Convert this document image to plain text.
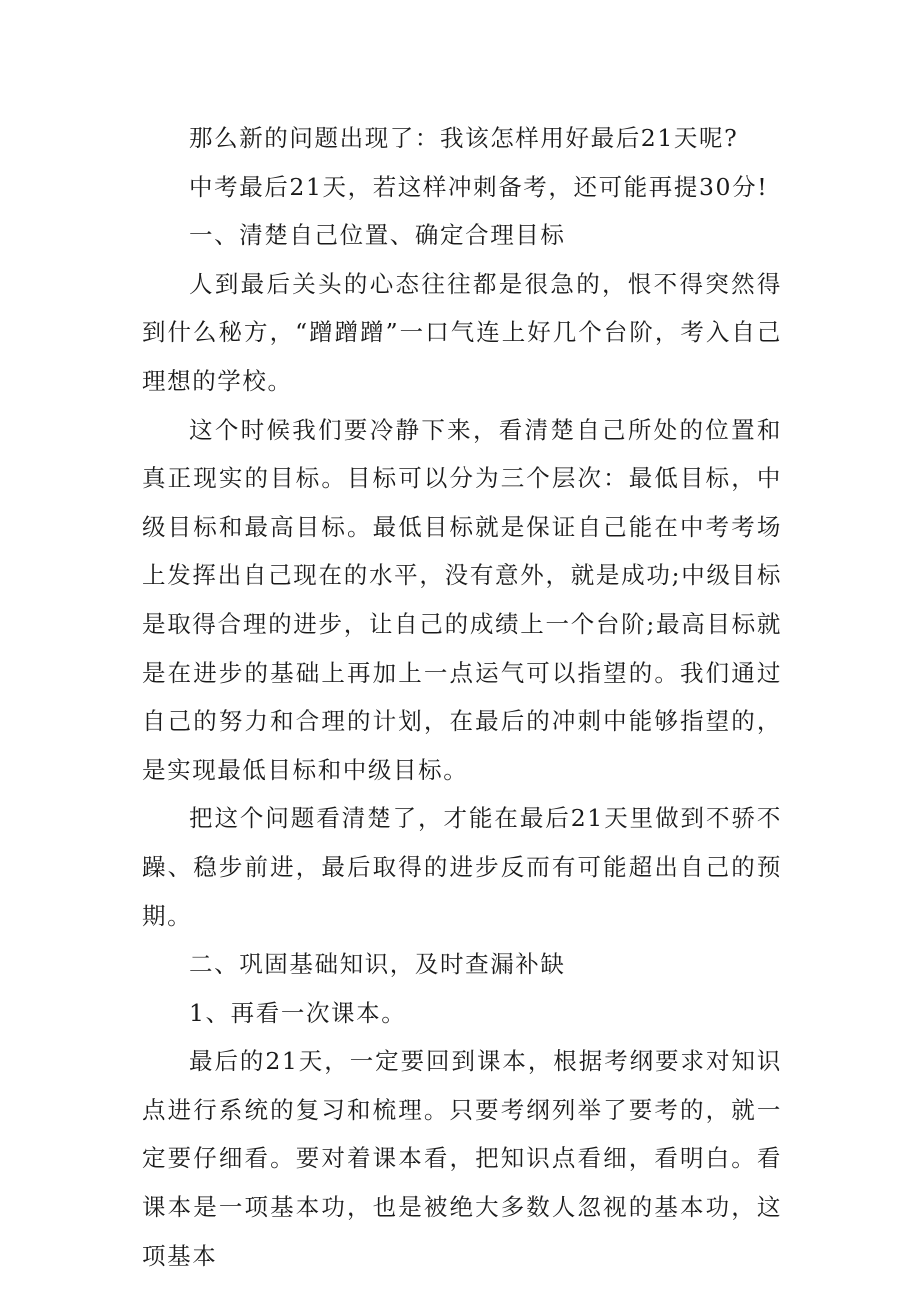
那么新的问题出现了：我该怎样用好最后21天呢?

中考最后21天，若这样冲刺备考，还可能再提30分!

一、清楚自己位置、确定合理目标

人到最后关头的心态往往都是很急的，恨不得突然得到什么秘方，“蹭蹭蹭”一口气连上好几个台阶，考入自己理想的学校。

这个时候我们要冷静下来，看清楚自己所处的位置和真正现实的目标。目标可以分为三个层次：最低目标，中级目标和最高目标。最低目标就是保证自己能在中考考场上发挥出自己现在的水平，没有意外，就是成功;中级目标是取得合理的进步，让自己的成绩上一个台阶;最高目标就是在进步的基础上再加上一点运气可以指望的。我们通过自己的努力和合理的计划，在最后的冲刺中能够指望的，是实现最低目标和中级目标。

把这个问题看清楚了，才能在最后21天里做到不骄不躁、稳步前进，最后取得的进步反而有可能超出自己的预期。

二、巩固基础知识，及时查漏补缺

1、再看一次课本。

最后的21天，一定要回到课本，根据考纲要求对知识点进行系统的复习和梳理。只要考纲列举了要考的，就一定要仔细看。要对着课本看，把知识点看细，看明白。看课本是一项基本功，也是被绝大多数人忽视的基本功，这项基本
